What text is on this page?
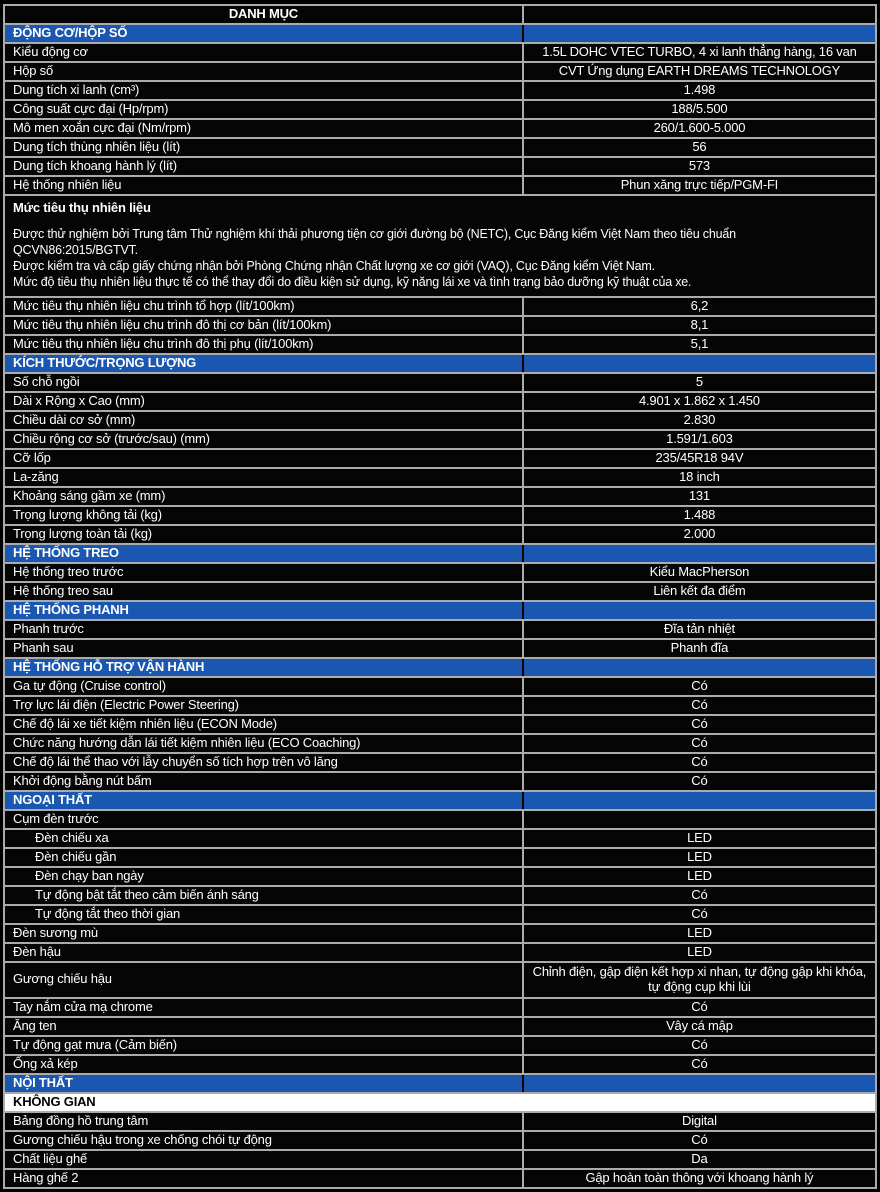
DANH MỤC	
ĐỘNG CƠ/HỘP SỐ	
Kiểu động cơ	1.5L DOHC VTEC TURBO, 4 xi lanh thẳng hàng, 16 van
Hộp số	CVT Ứng dụng EARTH DREAMS TECHNOLOGY
Dung tích xi lanh (cm³)	1.498
Công suất cực đại (Hp/rpm)	188/5.500
Mô men xoắn cực đại (Nm/rpm)	260/1.600-5.000
Dung tích thùng nhiên liệu (lít)	56
Dung tích khoang hành lý (lít)	573
Hệ thống nhiên liệu	Phun xăng trực tiếp/PGM-FI

Mức tiêu thụ nhiên liệu
Được thử nghiệm bởi Trung tâm Thử nghiệm khí thải phương tiện cơ giới đường bộ (NETC), Cục Đăng kiểm Việt Nam theo tiêu chuẩn
QCVN86:2015/BGTVT.
Được kiểm tra và cấp giấy chứng nhận bởi Phòng Chứng nhận Chất lượng xe cơ giới (VAQ), Cục Đăng kiểm Việt Nam.
Mức độ tiêu thụ nhiên liệu thực tế có thể thay đổi do điều kiện sử dụng, kỹ năng lái xe và tình trạng bảo dưỡng kỹ thuật của xe.	

Mức tiêu thụ nhiên liệu chu trình tổ hợp (lít/100km)	6,2
Mức tiêu thụ nhiên liệu chu trình đô thị cơ bản (lít/100km)	8,1
Mức tiêu thụ nhiên liệu chu trình đô thị phụ (lít/100km)	5,1
KÍCH THƯỚC/TRỌNG LƯỢNG	
Số chỗ ngồi	5
Dài x Rộng x Cao (mm)	4.901 x 1.862 x 1.450
Chiều dài cơ sở (mm)	2.830
Chiều rộng cơ sở (trước/sau) (mm)	1.591/1.603
Cỡ lốp	235/45R18 94V
La-zăng	18 inch
Khoảng sáng gầm xe (mm)	131
Trọng lượng không tải (kg)	1.488
Trọng lượng toàn tải (kg)	2.000
HỆ THỐNG TREO	
Hệ thống treo trước	Kiểu MacPherson
Hệ thống treo sau	Liên kết đa điểm
HỆ THỐNG PHANH	
Phanh trước	Đĩa tản nhiệt
Phanh sau	Phanh đĩa
HỆ THỐNG HỖ TRỢ VẬN HÀNH	
Ga tự động (Cruise control)	Có
Trợ lực lái điện (Electric Power Steering)	Có
Chế độ lái xe tiết kiệm nhiên liệu (ECON Mode)	Có
Chức năng hướng dẫn lái tiết kiệm nhiên liệu (ECO Coaching)	Có
Chế độ lái thể thao với lẫy chuyển số tích hợp trên vô lăng	Có
Khởi động bằng nút bấm	Có
NGOẠI THẤT	
Cụm đèn trước	
Đèn chiếu xa	LED
Đèn chiếu gần	LED
Đèn chạy ban ngày	LED
Tự động bật tắt theo cảm biến ánh sáng	Có
Tự động tắt theo thời gian	Có
Đèn sương mù	LED
Đèn hậu	LED
Gương chiếu hậu	Chỉnh điện, gập điện kết hợp xi nhan, tự động gập khi khóa, tự động cụp khi lùi
Tay nắm cửa mạ chrome	Có
Ăng ten	Vây cá mập
Tự động gạt mưa (Cảm biến)	Có
Ống xả kép	Có
NỘI THẤT	
KHÔNG GIAN	
Bảng đồng hồ trung tâm	Digital
Gương chiếu hậu trong xe chống chói tự động	Có
Chất liệu ghế	Da
Hàng ghế 2	Gập hoàn toàn thông với khoang hành lý
